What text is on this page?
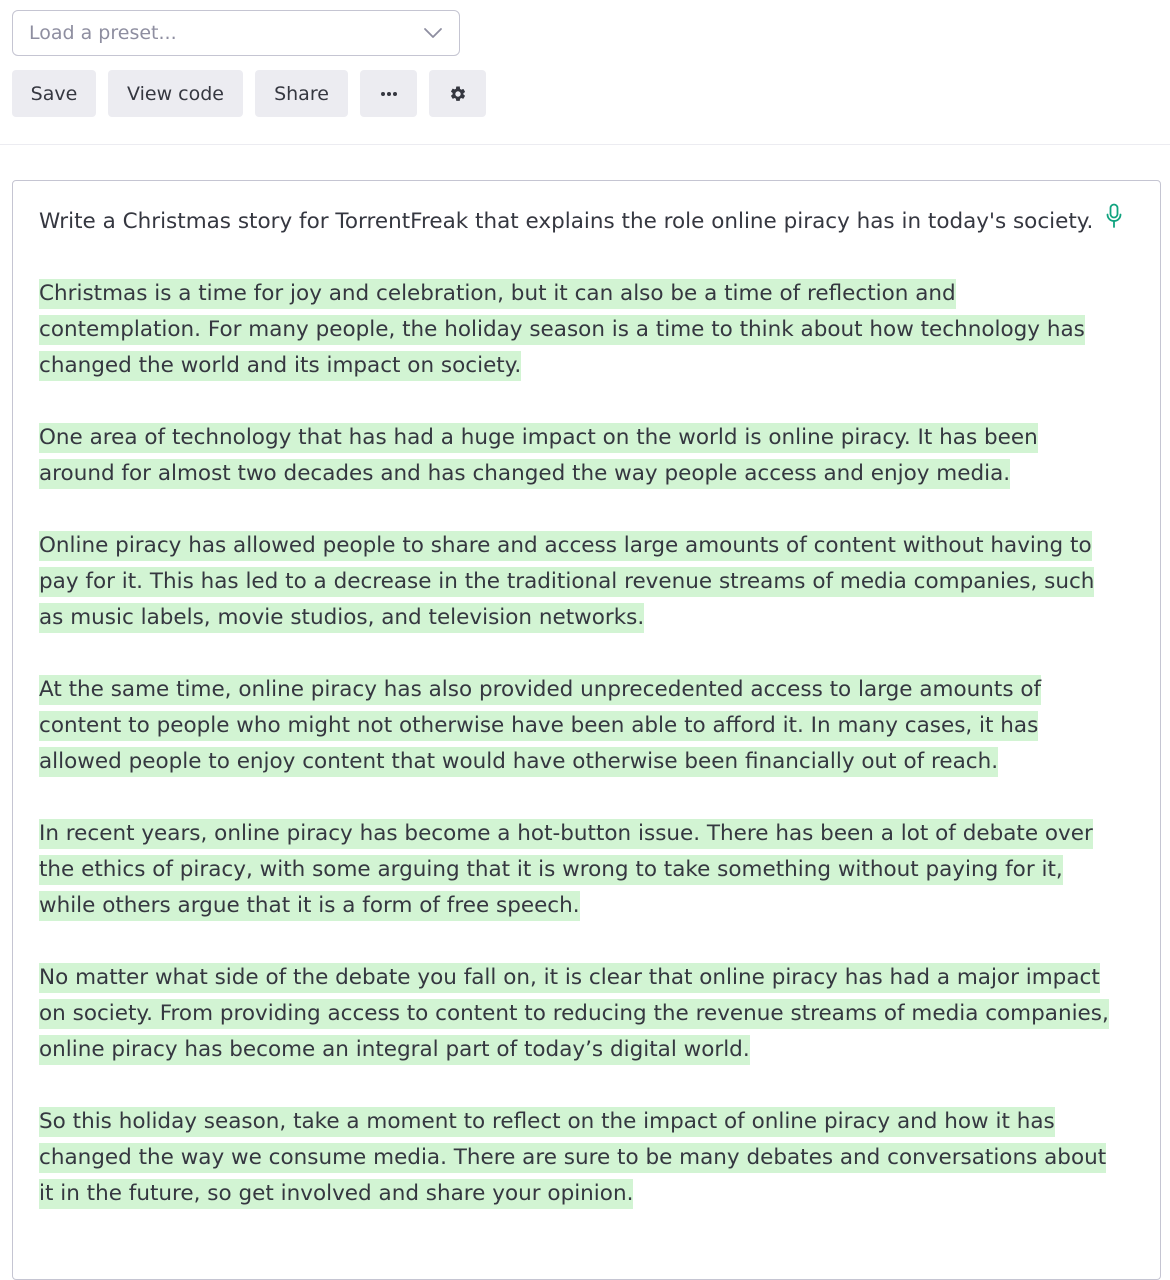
Load a preset...
Save	View code	Share

Write a Christmas story for TorrentFreak that explains the role online piracy has in today's society.

Christmas is a time for joy and celebration, but it can also be a time of reflection and contemplation. For many people, the holiday season is a time to think about how technology has changed the world and its impact on society.

One area of technology that has had a huge impact on the world is online piracy. It has been around for almost two decades and has changed the way people access and enjoy media.

Online piracy has allowed people to share and access large amounts of content without having to pay for it. This has led to a decrease in the traditional revenue streams of media companies, such as music labels, movie studios, and television networks.

At the same time, online piracy has also provided unprecedented access to large amounts of content to people who might not otherwise have been able to afford it. In many cases, it has allowed people to enjoy content that would have otherwise been financially out of reach.

In recent years, online piracy has become a hot-button issue. There has been a lot of debate over the ethics of piracy, with some arguing that it is wrong to take something without paying for it, while others argue that it is a form of free speech.

No matter what side of the debate you fall on, it is clear that online piracy has had a major impact on society. From providing access to content to reducing the revenue streams of media companies, online piracy has become an integral part of today’s digital world.

So this holiday season, take a moment to reflect on the impact of online piracy and how it has changed the way we consume media. There are sure to be many debates and conversations about it in the future, so get involved and share your opinion.
